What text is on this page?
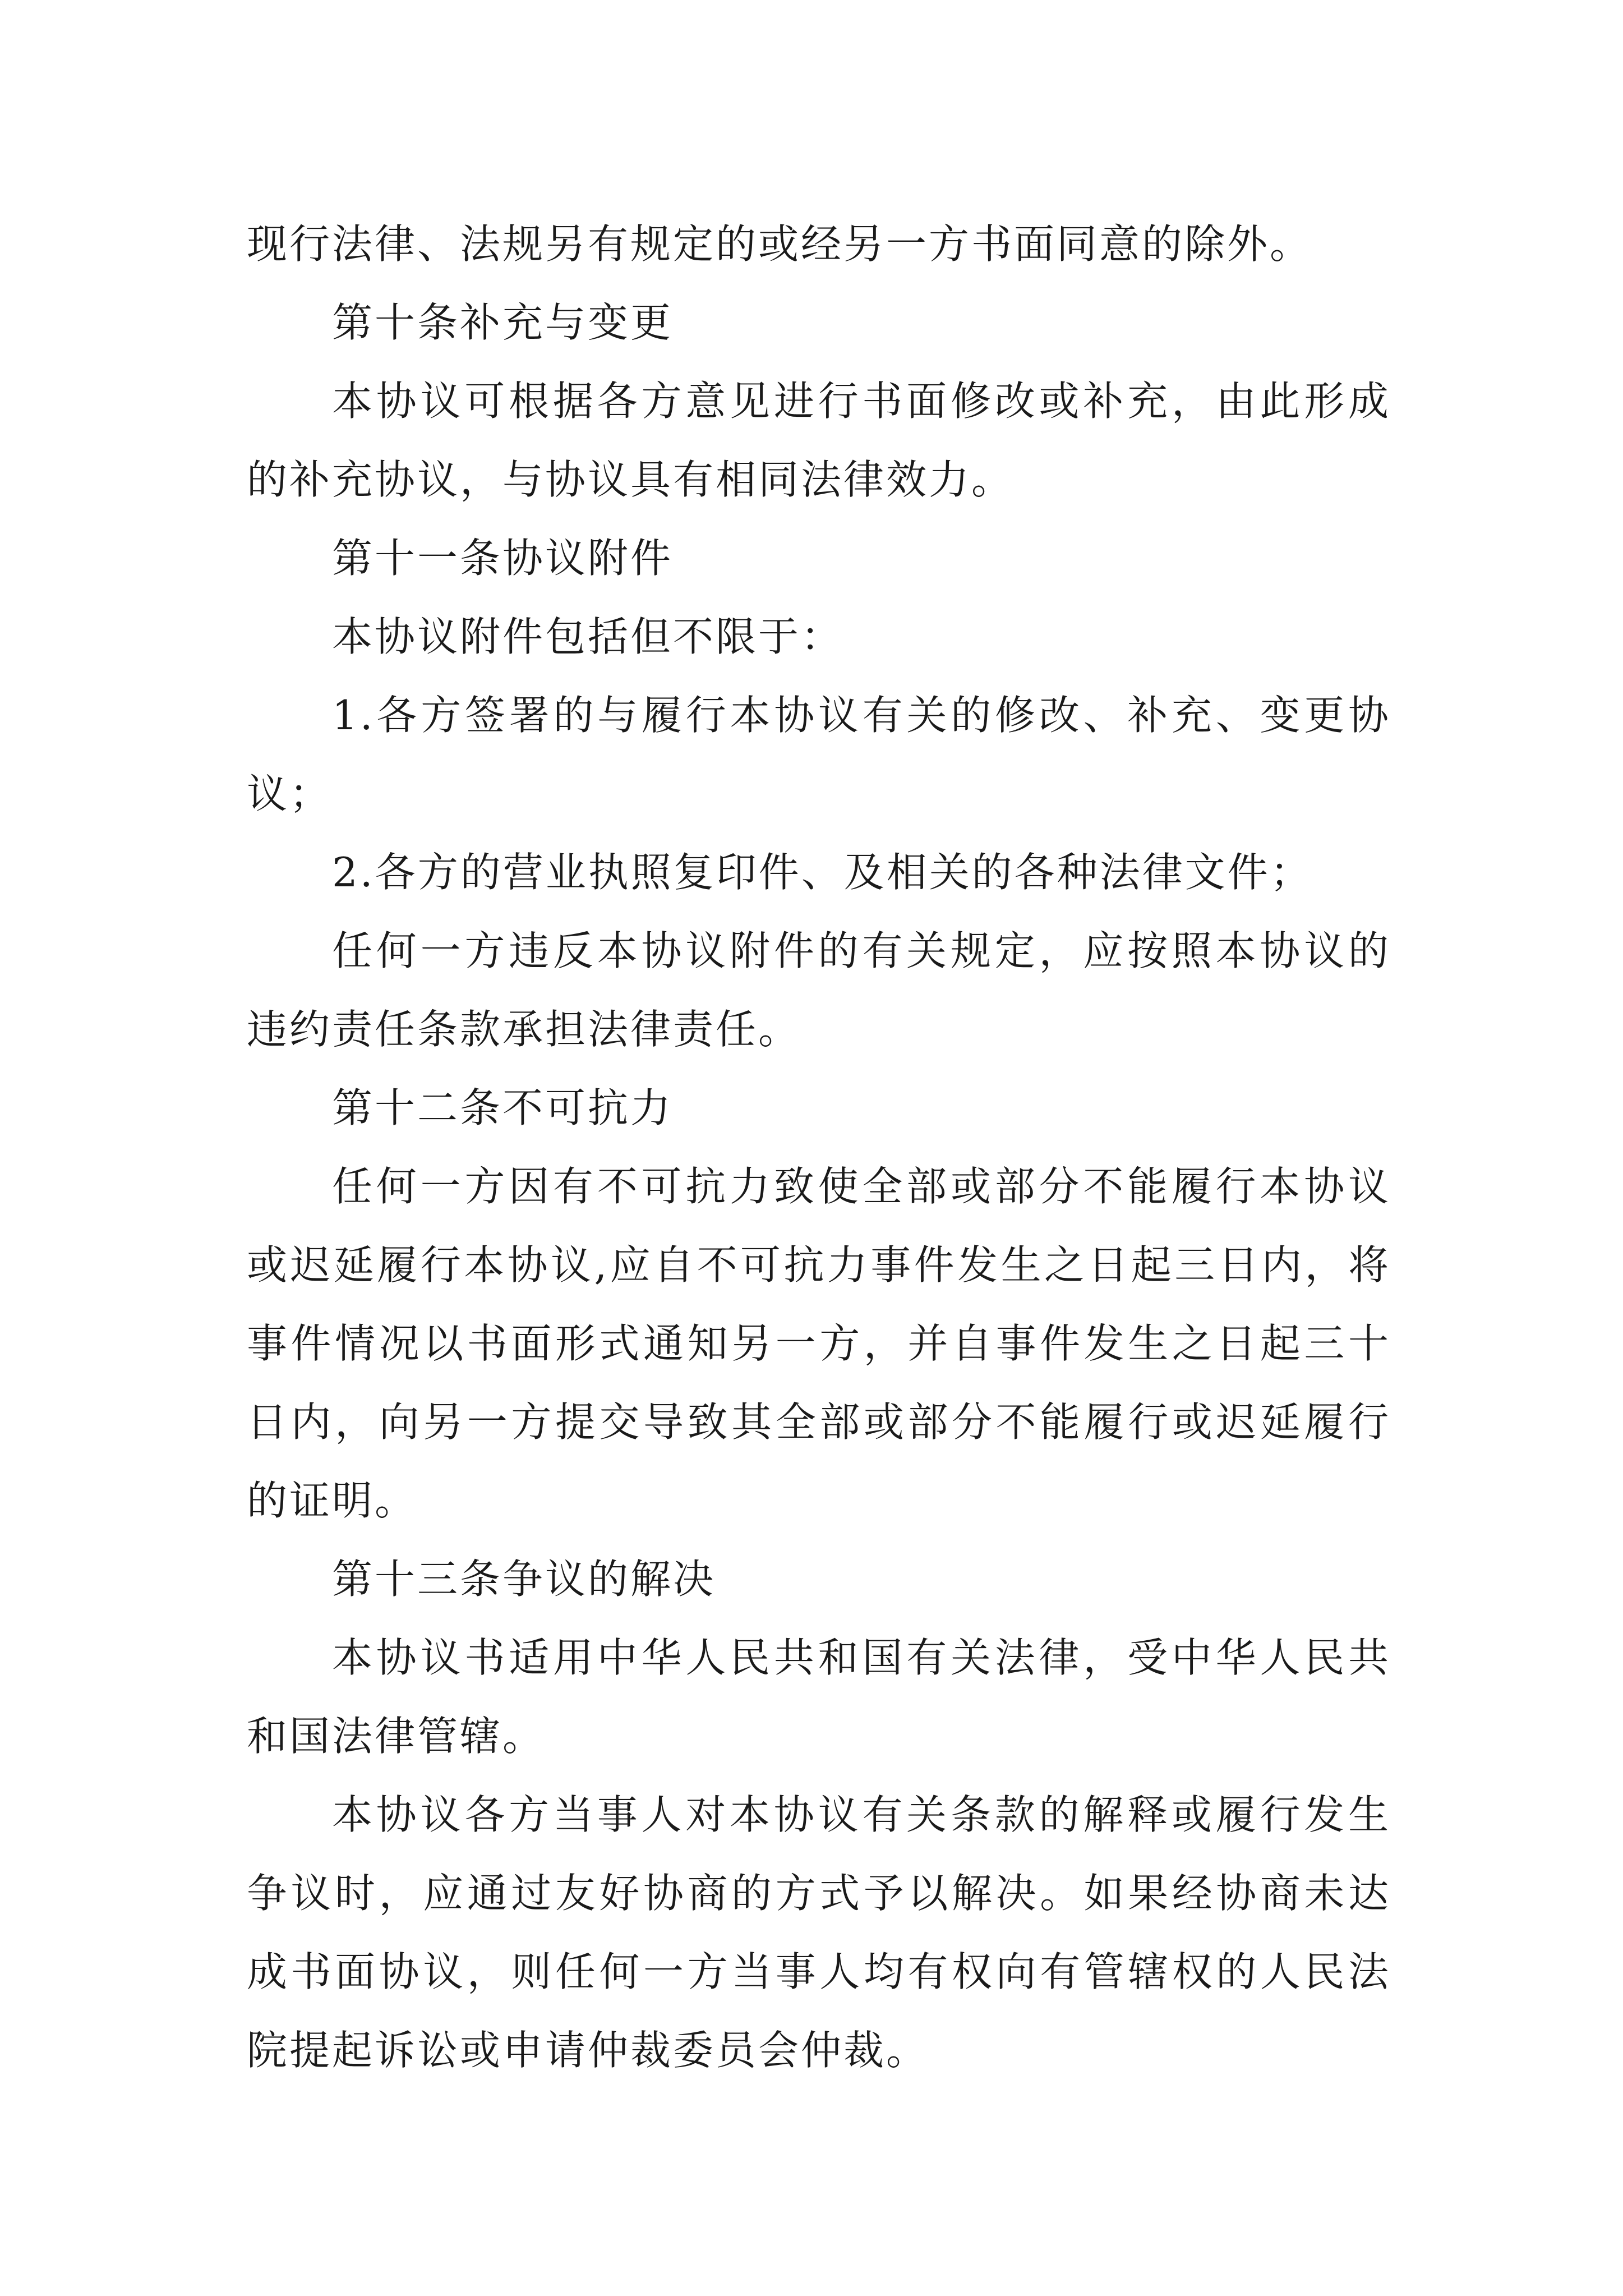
现行法律、法规另有规定的或经另一方书面同意的除外。

第十条补充与变更

本协议可根据各方意见进行书面修改或补充，由此形成的补充协议，与协议具有相同法律效力。

第十一条协议附件

本协议附件包括但不限于：

1.各方签署的与履行本协议有关的修改、补充、变更协议；

2.各方的营业执照复印件、及相关的各种法律文件；

任何一方违反本协议附件的有关规定，应按照本协议的违约责任条款承担法律责任。

第十二条不可抗力

任何一方因有不可抗力致使全部或部分不能履行本协议或迟延履行本协议,应自不可抗力事件发生之日起三日内，将事件情况以书面形式通知另一方，并自事件发生之日起三十日内，向另一方提交导致其全部或部分不能履行或迟延履行的证明。

第十三条争议的解决

本协议书适用中华人民共和国有关法律，受中华人民共和国法律管辖。

本协议各方当事人对本协议有关条款的解释或履行发生争议时，应通过友好协商的方式予以解决。如果经协商未达成书面协议，则任何一方当事人均有权向有管辖权的人民法院提起诉讼或申请仲裁委员会仲裁。
